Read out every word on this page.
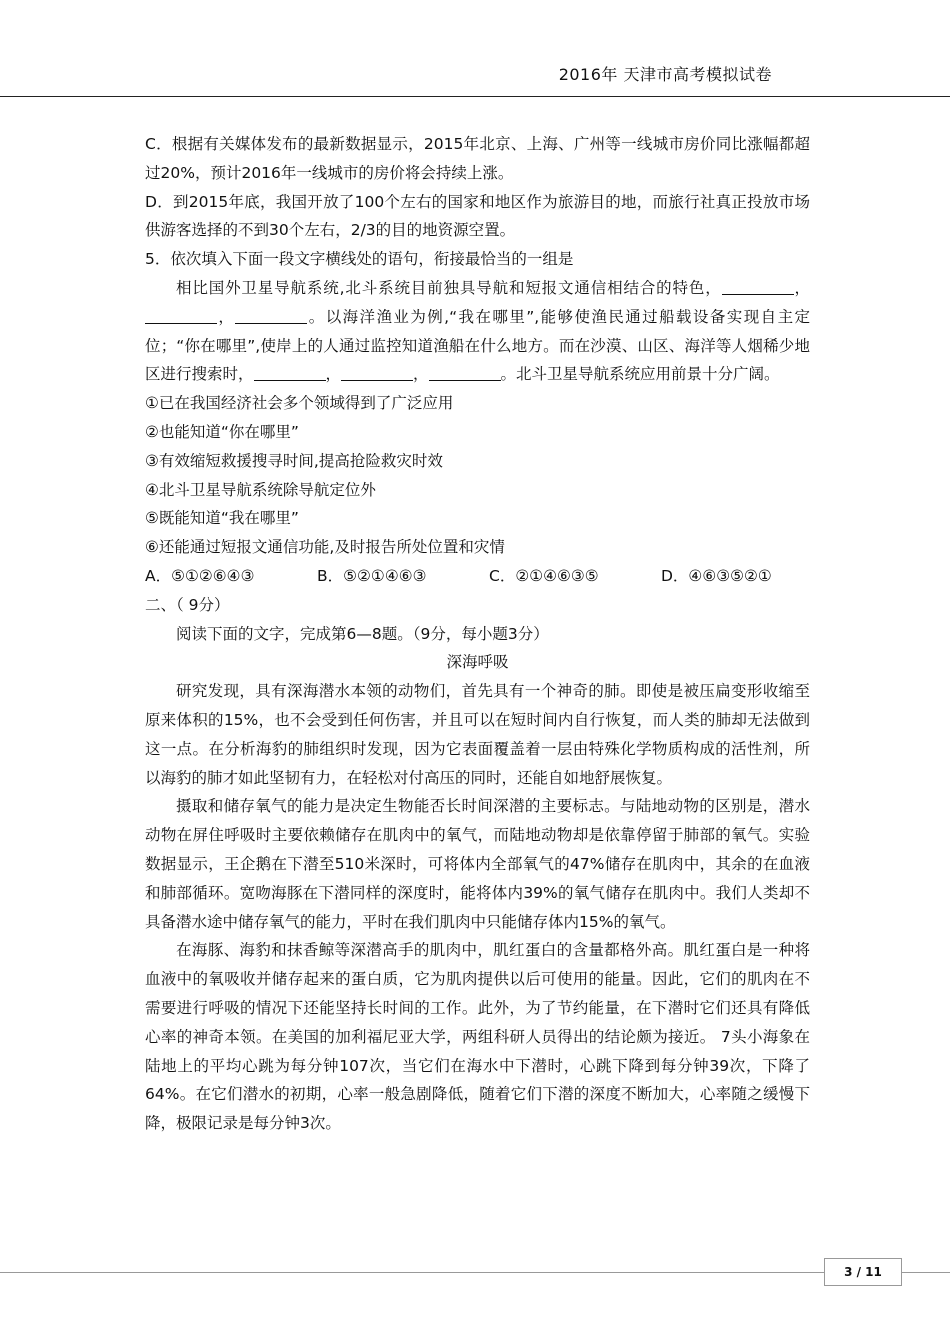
2016年 天津市高考模拟试卷

C．根据有关媒体发布的最新数据显示，2015年北京、上海、广州等一线城市房价同比涨幅都超过20%，预计2016年一线城市的房价将会持续上涨。

D．到2015年底，我国开放了100个左右的国家和地区作为旅游目的地，而旅行社真正投放市场供游客选择的不到30个左右，2/3的目的地资源空置。

5．依次填入下面一段文字横线处的语句，衔接最恰当的一组是

相比国外卫星导航系统,北斗系统目前独具导航和短报文通信相结合的特色，	，，	。以海洋渔业为例,“我在哪里”,能够使渔民通过船载设备实现自主定位；“你在哪里”,使岸上的人通过监控知道渔船在什么地方。而在沙漠、山区、海洋等人烟稀少地区进行搜索时，	，	，	。北斗卫星导航系统应用前景十分广阔。

①已在我国经济社会多个领域得到了广泛应用

②也能知道“你在哪里”

③有效缩短救援搜寻时间,提高抢险救灾时效

④北斗卫星导航系统除导航定位外

⑤既能知道“我在哪里”

⑥还能通过短报文通信功能,及时报告所处位置和灾情

A．⑤①②⑥④③	B．⑤②①④⑥③	C．②①④⑥③⑤	D．④⑥③⑤②①

二、（ 9分）

阅读下面的文字，完成第6—8题。（9分，每小题3分）

深海呼吸

研究发现，具有深海潜水本领的动物们，首先具有一个神奇的肺。即使是被压扁变形收缩至原来体积的15%，也不会受到任何伤害，并且可以在短时间内自行恢复，而人类的肺却无法做到这一点。在分析海豹的肺组织时发现，因为它表面覆盖着一层由特殊化学物质构成的活性剂，所以海豹的肺才如此坚韧有力，在轻松对付高压的同时，还能自如地舒展恢复。

摄取和储存氧气的能力是决定生物能否长时间深潜的主要标志。与陆地动物的区别是，潜水动物在屏住呼吸时主要依赖储存在肌肉中的氧气，而陆地动物却是依靠停留于肺部的氧气。实验数据显示，王企鹅在下潜至510米深时，可将体内全部氧气的47%储存在肌肉中，其余的在血液和肺部循环。宽吻海豚在下潜同样的深度时，能将体内39%的氧气储存在肌肉中。我们人类却不具备潜水途中储存氧气的能力，平时在我们肌肉中只能储存体内15%的氧气。

在海豚、海豹和抹香鲸等深潜高手的肌肉中，肌红蛋白的含量都格外高。肌红蛋白是一种将血液中的氧吸收并储存起来的蛋白质，它为肌肉提供以后可使用的能量。因此，它们的肌肉在不需要进行呼吸的情况下还能坚持长时间的工作。此外，为了节约能量，在下潜时它们还具有降低心率的神奇本领。在美国的加利福尼亚大学，两组科研人员得出的结论颇为接近。 7头小海象在陆地上的平均心跳为每分钟107次，当它们在海水中下潜时，心跳下降到每分钟39次，下降了64%。在它们潜水的初期，心率一般急剧降低，随着它们下潜的深度不断加大，心率随之缓慢下降，极限记录是每分钟3次。

3 / 11
